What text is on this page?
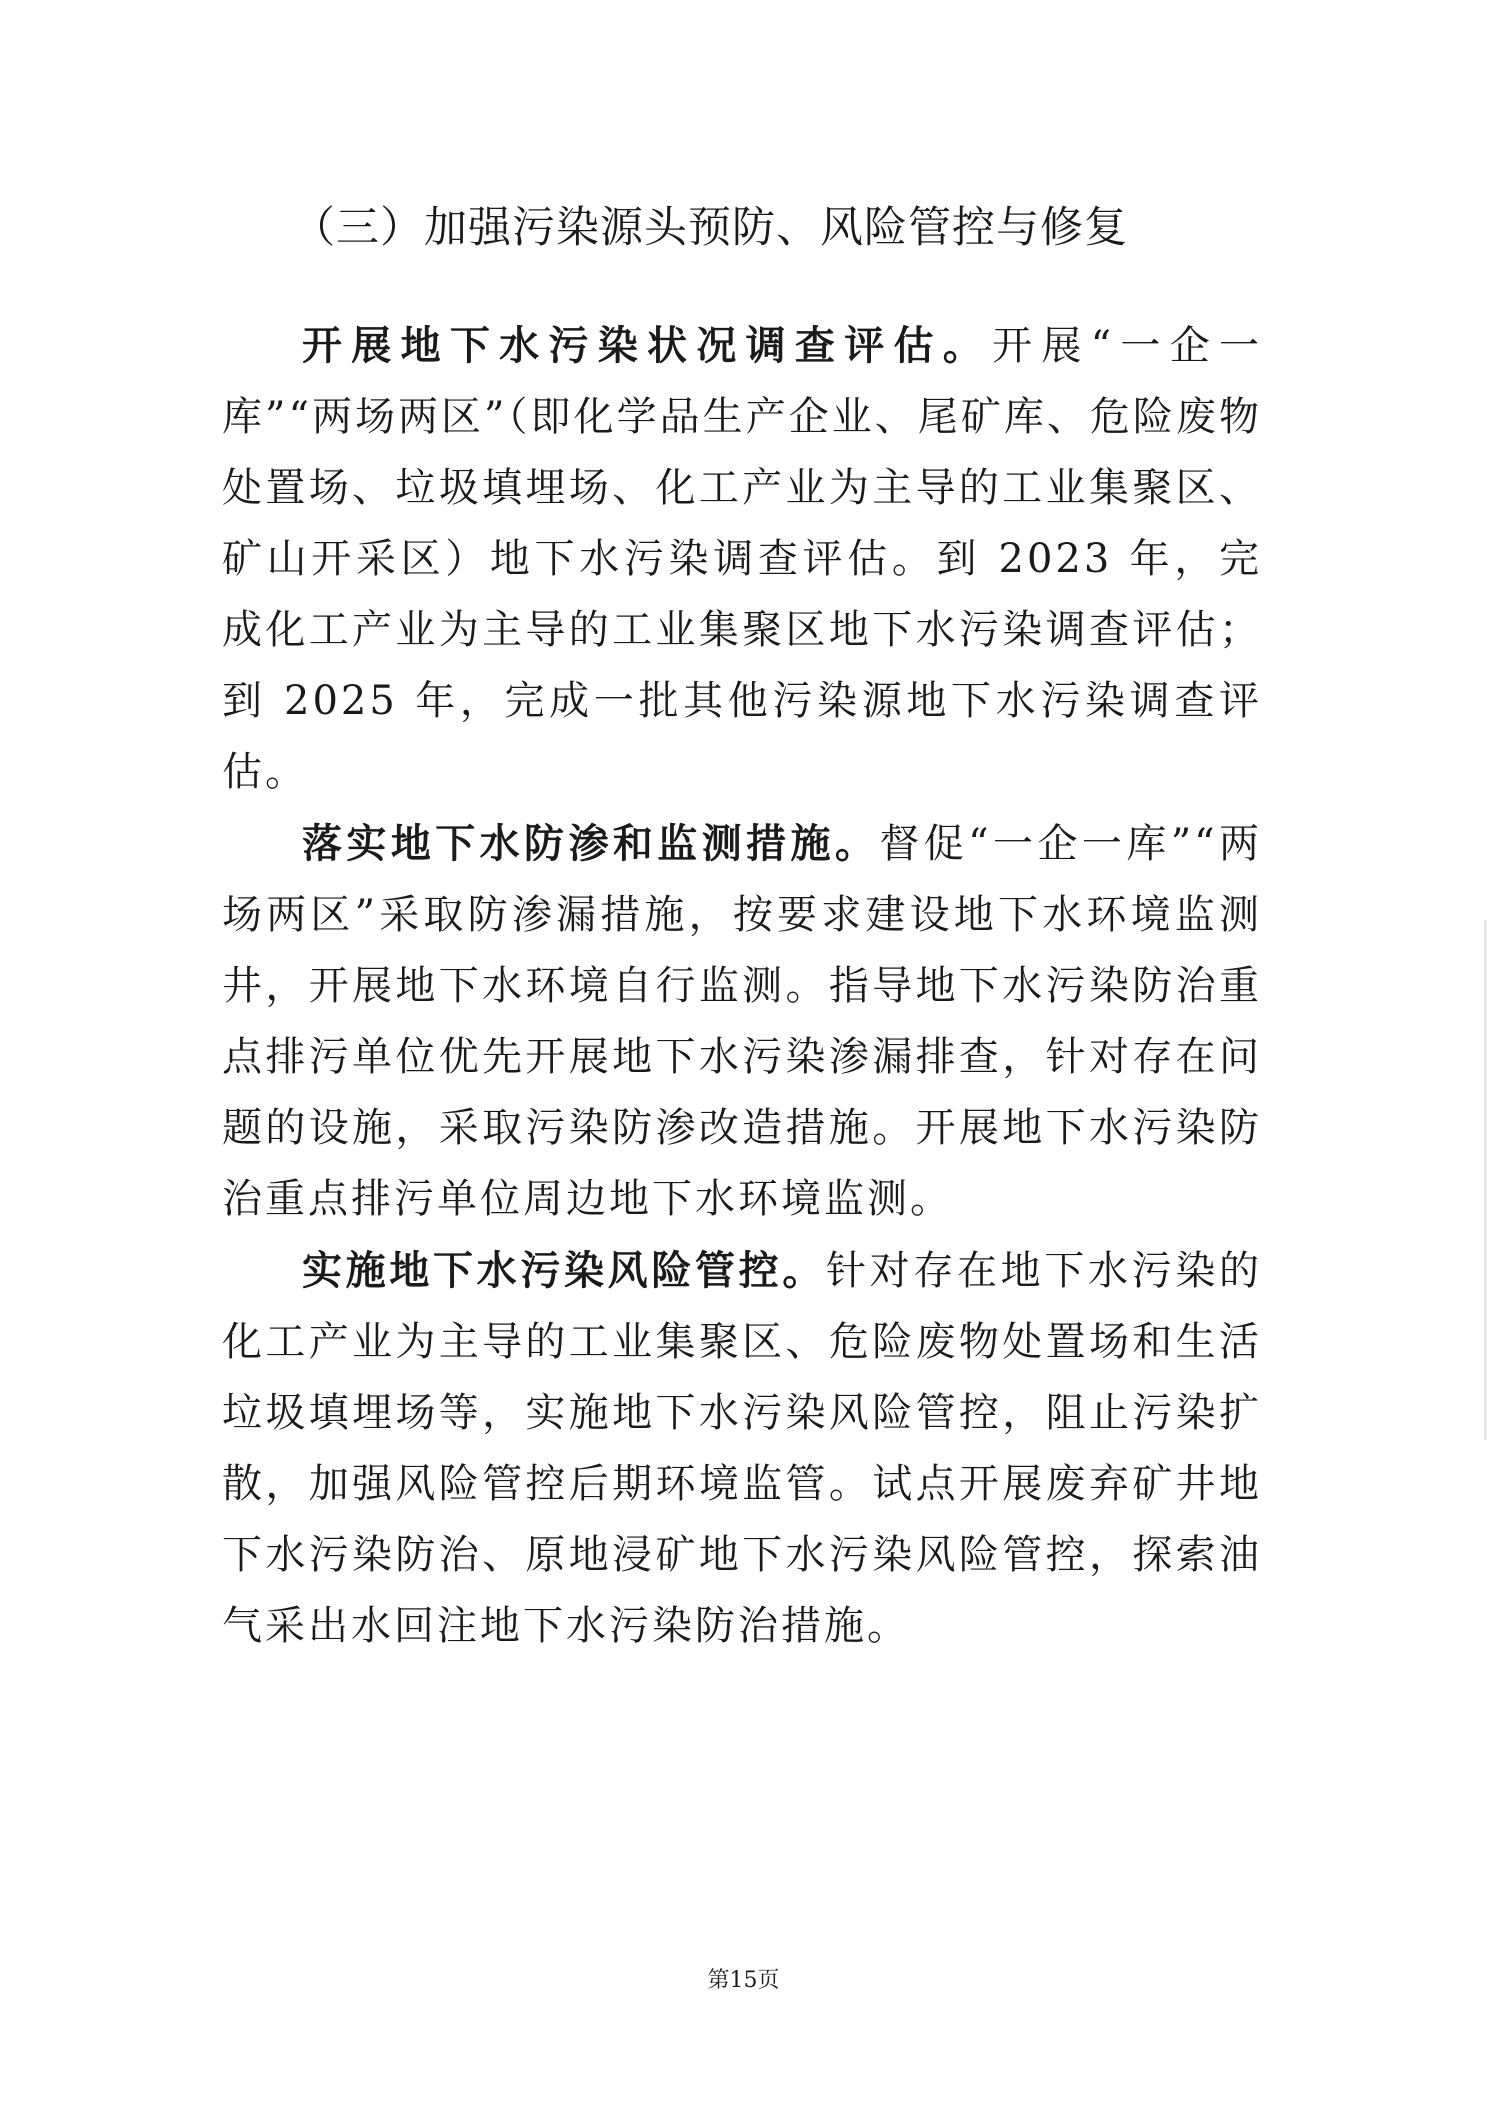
（三）加强污染源头预防、风险管控与修复

开展地下水污染状况调查评估。开展“一企一库”“两场两区”（即化学品生产企业、尾矿库、危险废物处置场、垃圾填埋场、化工产业为主导的工业集聚区、矿山开采区）地下水污染调查评估。到 2023 年，完成化工产业为主导的工业集聚区地下水污染调查评估；到 2025 年，完成一批其他污染源地下水污染调查评估。

落实地下水防渗和监测措施。督促“一企一库”“两场两区”采取防渗漏措施，按要求建设地下水环境监测井，开展地下水环境自行监测。指导地下水污染防治重点排污单位优先开展地下水污染渗漏排查，针对存在问题的设施，采取污染防渗改造措施。开展地下水污染防治重点排污单位周边地下水环境监测。

实施地下水污染风险管控。针对存在地下水污染的化工产业为主导的工业集聚区、危险废物处置场和生活垃圾填埋场等，实施地下水污染风险管控，阻止污染扩散，加强风险管控后期环境监管。试点开展废弃矿井地下水污染防治、原地浸矿地下水污染风险管控，探索油气采出水回注地下水污染防治措施。

第15页
